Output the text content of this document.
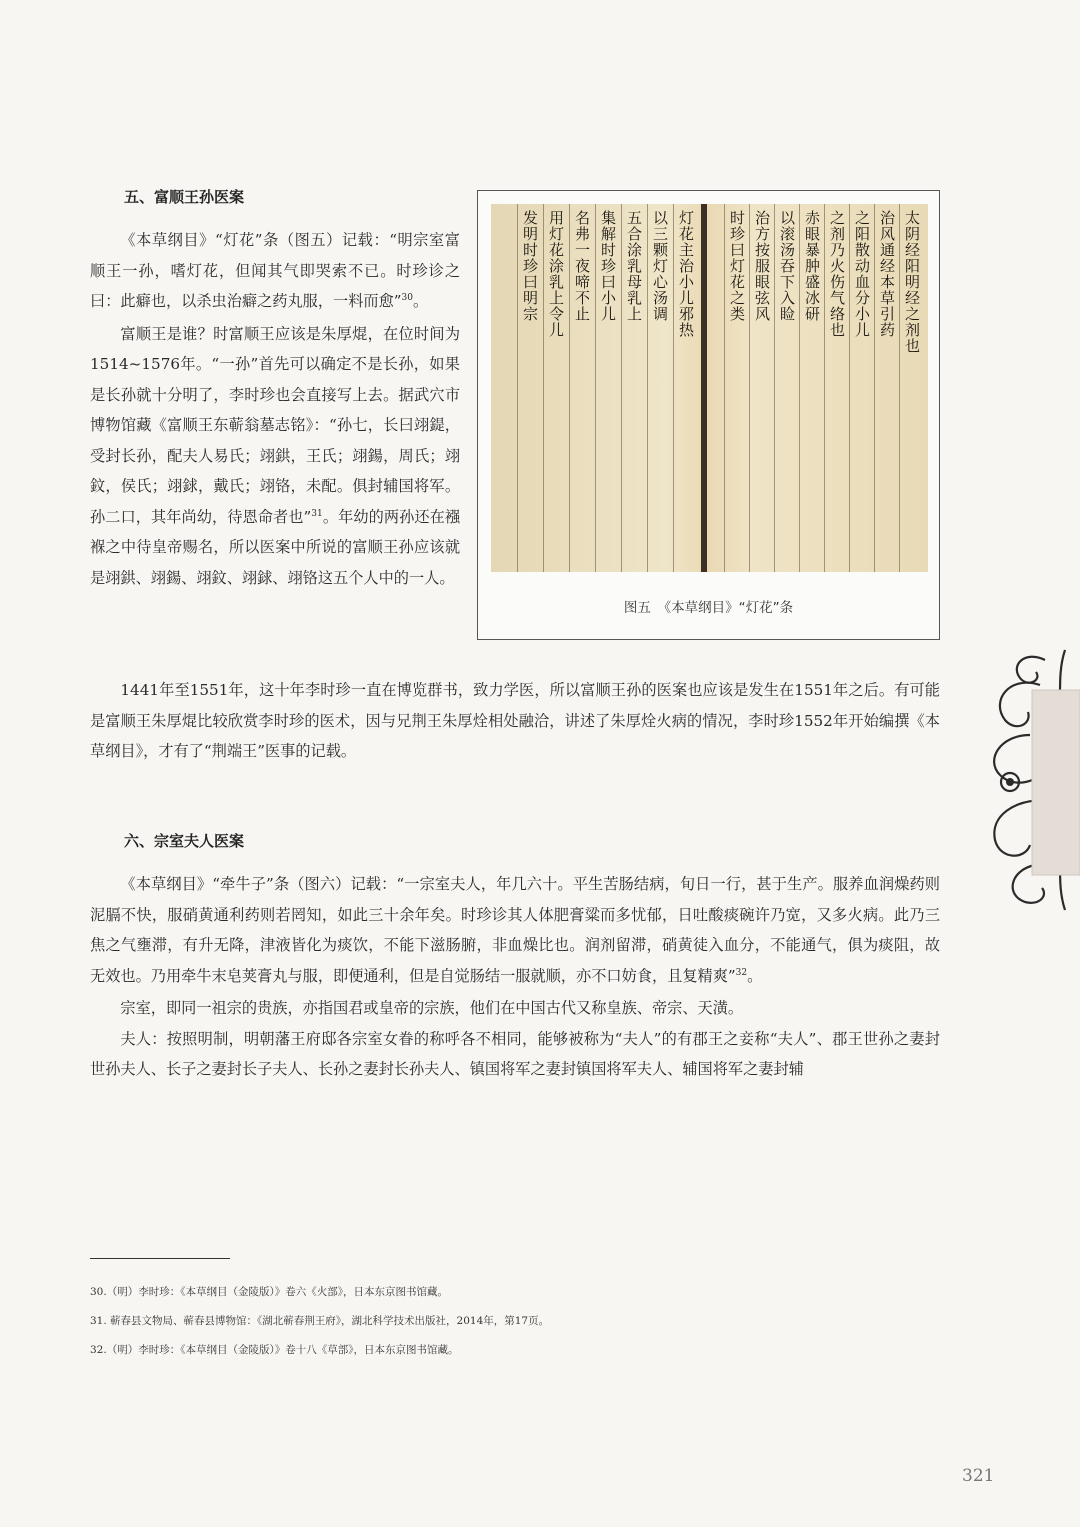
五、富顺王孙医案

《本草纲目》“灯花”条（图五）记载：“明宗室富顺王一孙，嗜灯花，但闻其气即哭索不已。时珍诊之曰：此癖也，以杀虫治癖之药丸服，一料而愈”$^{30}$。

富顺王是谁？时富顺王应该是朱厚焜，在位时间为1514~1576年。“一孙”首先可以确定不是长孙，如果是长孙就十分明了，李时珍也会直接写上去。据武穴市博物馆藏《富顺王东蕲翁墓志铭》：“孙七，长曰翊鍉，受封长孙，配夫人易氏；翊鉷，王氏；翊鍚，周氏；翊鈫，侯氏；翊銶，戴氏；翊铬，未配。俱封辅国将军。孙二口，其年尚幼，待恩命者也”$^{31}$。年幼的两孙还在襁褓之中待皇帝赐名，所以医案中所说的富顺王孙应该就是翊鉷、翊鍚、翊鈫、翊銶、翊铬这五个人中的一人。

1441年至1551年，这十年李时珍一直在博览群书，致力学医，所以富顺王孙的医案也应该是发生在1551年之后。有可能是富顺王朱厚焜比较欣赏李时珍的医术，因与兄荆王朱厚烇相处融洽，讲述了朱厚烇火病的情况，李时珍1552年开始编撰《本草纲目》，才有了“荆端王”医事的记载。

太阴经阳明经之剂也
治风通经本草引药
之阳散动血分小儿
之剂乃火伤气络也
赤眼暴肿盛冰研
以滚汤吞下入睑
治方按服眼弦风
时珍曰灯花之类
灯花主治小儿邪热
以三颗灯心汤调
五合涂乳母乳上
集解时珍曰小儿
名弗一夜啼不止
用灯花涂乳上令儿
发明时珍曰明宗
图五　《本草纲目》“灯花”条
六、宗室夫人医案

《本草纲目》“牵牛子”条（图六）记载：“一宗室夫人，年几六十。平生苦肠结病，旬日一行，甚于生产。服养血润燥药则泥膈不快，服硝黄通利药则若罔知，如此三十余年矣。时珍诊其人体肥膏粱而多忧郁，日吐酸痰碗许乃宽，又多火病。此乃三焦之气壅滞，有升无降，津液皆化为痰饮，不能下滋肠腑，非血燥比也。润剂留滞，硝黄徒入血分，不能通气，俱为痰阻，故无效也。乃用牵牛末皂荚膏丸与服，即便通利，但是自觉肠结一服就顺，亦不口妨食，且复精爽”$^{32}$。

宗室，即同一祖宗的贵族，亦指国君或皇帝的宗族，他们在中国古代又称皇族、帝宗、天潢。

夫人：按照明制，明朝藩王府邸各宗室女眷的称呼各不相同，能够被称为“夫人”的有郡王之妾称“夫人”、郡王世孙之妻封世孙夫人、长子之妻封长子夫人、长孙之妻封长孙夫人、镇国将军之妻封镇国将军夫人、辅国将军之妻封辅

30.（明）李时珍：《本草纲目（金陵版）》卷六《火部》，日本东京图书馆藏。
31. 蕲春县文物局、蕲春县博物馆：《湖北蕲春荆王府》，湖北科学技术出版社，2014年，第17页。
32.（明）李时珍：《本草纲目（金陵版）》卷十八《草部》，日本东京图书馆藏。
321
